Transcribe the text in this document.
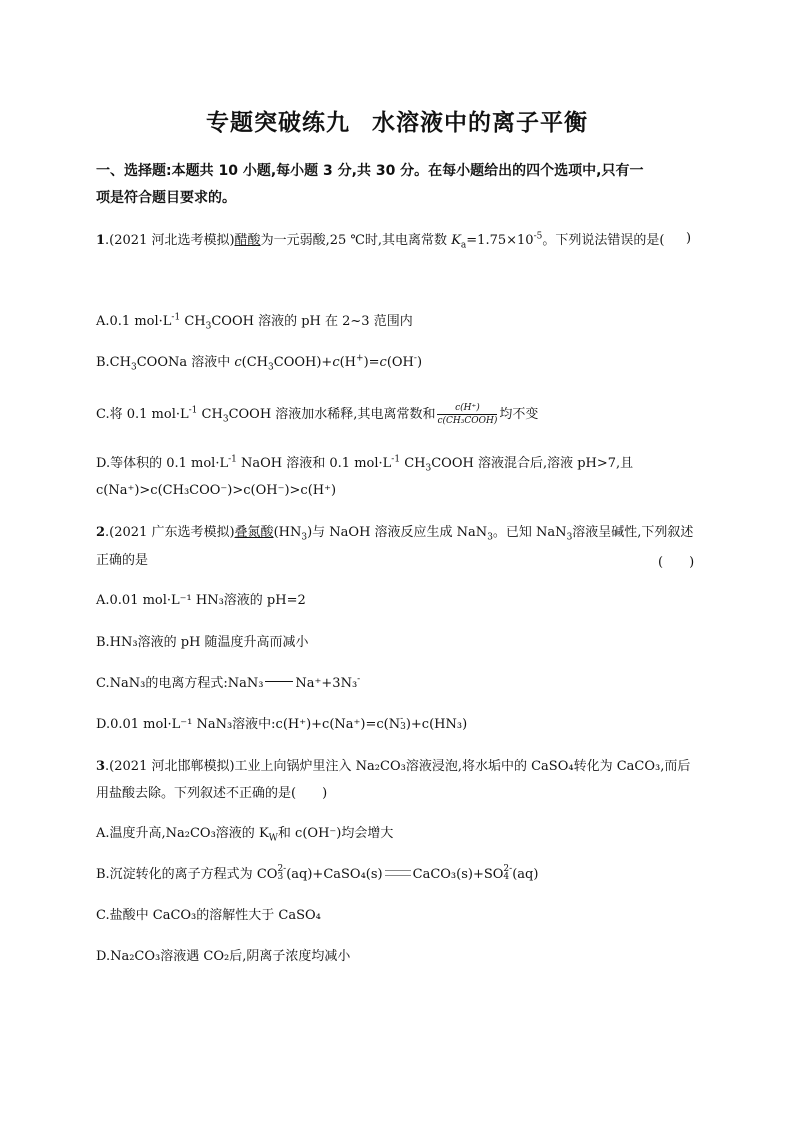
专题突破练九 水溶液中的离子平衡
一、选择题:本题共 10 小题,每小题 3 分,共 30 分。在每小题给出的四个选项中,只有一
项是符合题目要求的。
1.(2021 河北选考模拟)醋酸为一元弱酸,25 ℃时,其电离常数 $K_a=1.75\times 10^{-5}$。下列说法错误的是( )
A.0.1 $mol\cdot L^{-1}$ $CH_3COOH$ 溶液的 pH 在 2~3 范围内
$B.CH_3COONa$ 溶液中 $c(CH_3COOH)+c(H^+)=c(OH^-)$
C.将 0.1 $mol\cdot L^{-1}$ $CH_3COOH$ 溶液加水稀释,其电离常数和 $\frac{c(H^+)}{\text{c(CH₃COOH)}}$ 均不变
D.等体积的 0.1 $mol\cdot L^{-1}$ NaOH 溶液和 0.1 $mol\cdot L^{-1}$ $CH_3COOH$ 溶液混合后,溶液 pH>7,且
c(Na⁺)>c(CH₃COO⁻)>c(OH⁻)>c(H⁺)
2.(2021 广东选考模拟)叠氮酸$(HN_3)$与 NaOH 溶液反应生成 NaN$_3$。已知 NaN$_3$溶液呈碱性,下列叙述
正确的是	(　　)
A.0.01 mol·L⁻¹ HN₃溶液的 pH=2
B.HN₃溶液的 pH 随温度升高而减小
C.NaN₃的电离方程式:NaN₃ Na⁺+3N₃-
D.0.01 mol·L⁻¹ NaN₃溶液中:c(H⁺)+c(Na⁺)=c(N -
3 )+c(HN₃)
3.(2021 河北邯郸模拟)工业上向锅炉里注入 Na₂CO₃溶液浸泡,将水垢中的 CaSO₄转化为 CaCO₃,而后
用盐酸去除。下列叙述不正确的是(　　)
A.温度升高,Na₂CO₃溶液的 $K_W$和 c(OH⁻)均会增大
B.沉淀转化的离子方程式为 CO 2-
3 (aq)+CaSO₄(s) CaCO₃(s)+SO 2-
4 (aq)
C.盐酸中 CaCO₃的溶解性大于 CaSO₄
D.Na₂CO₃溶液遇 CO₂后,阴离子浓度均减小
